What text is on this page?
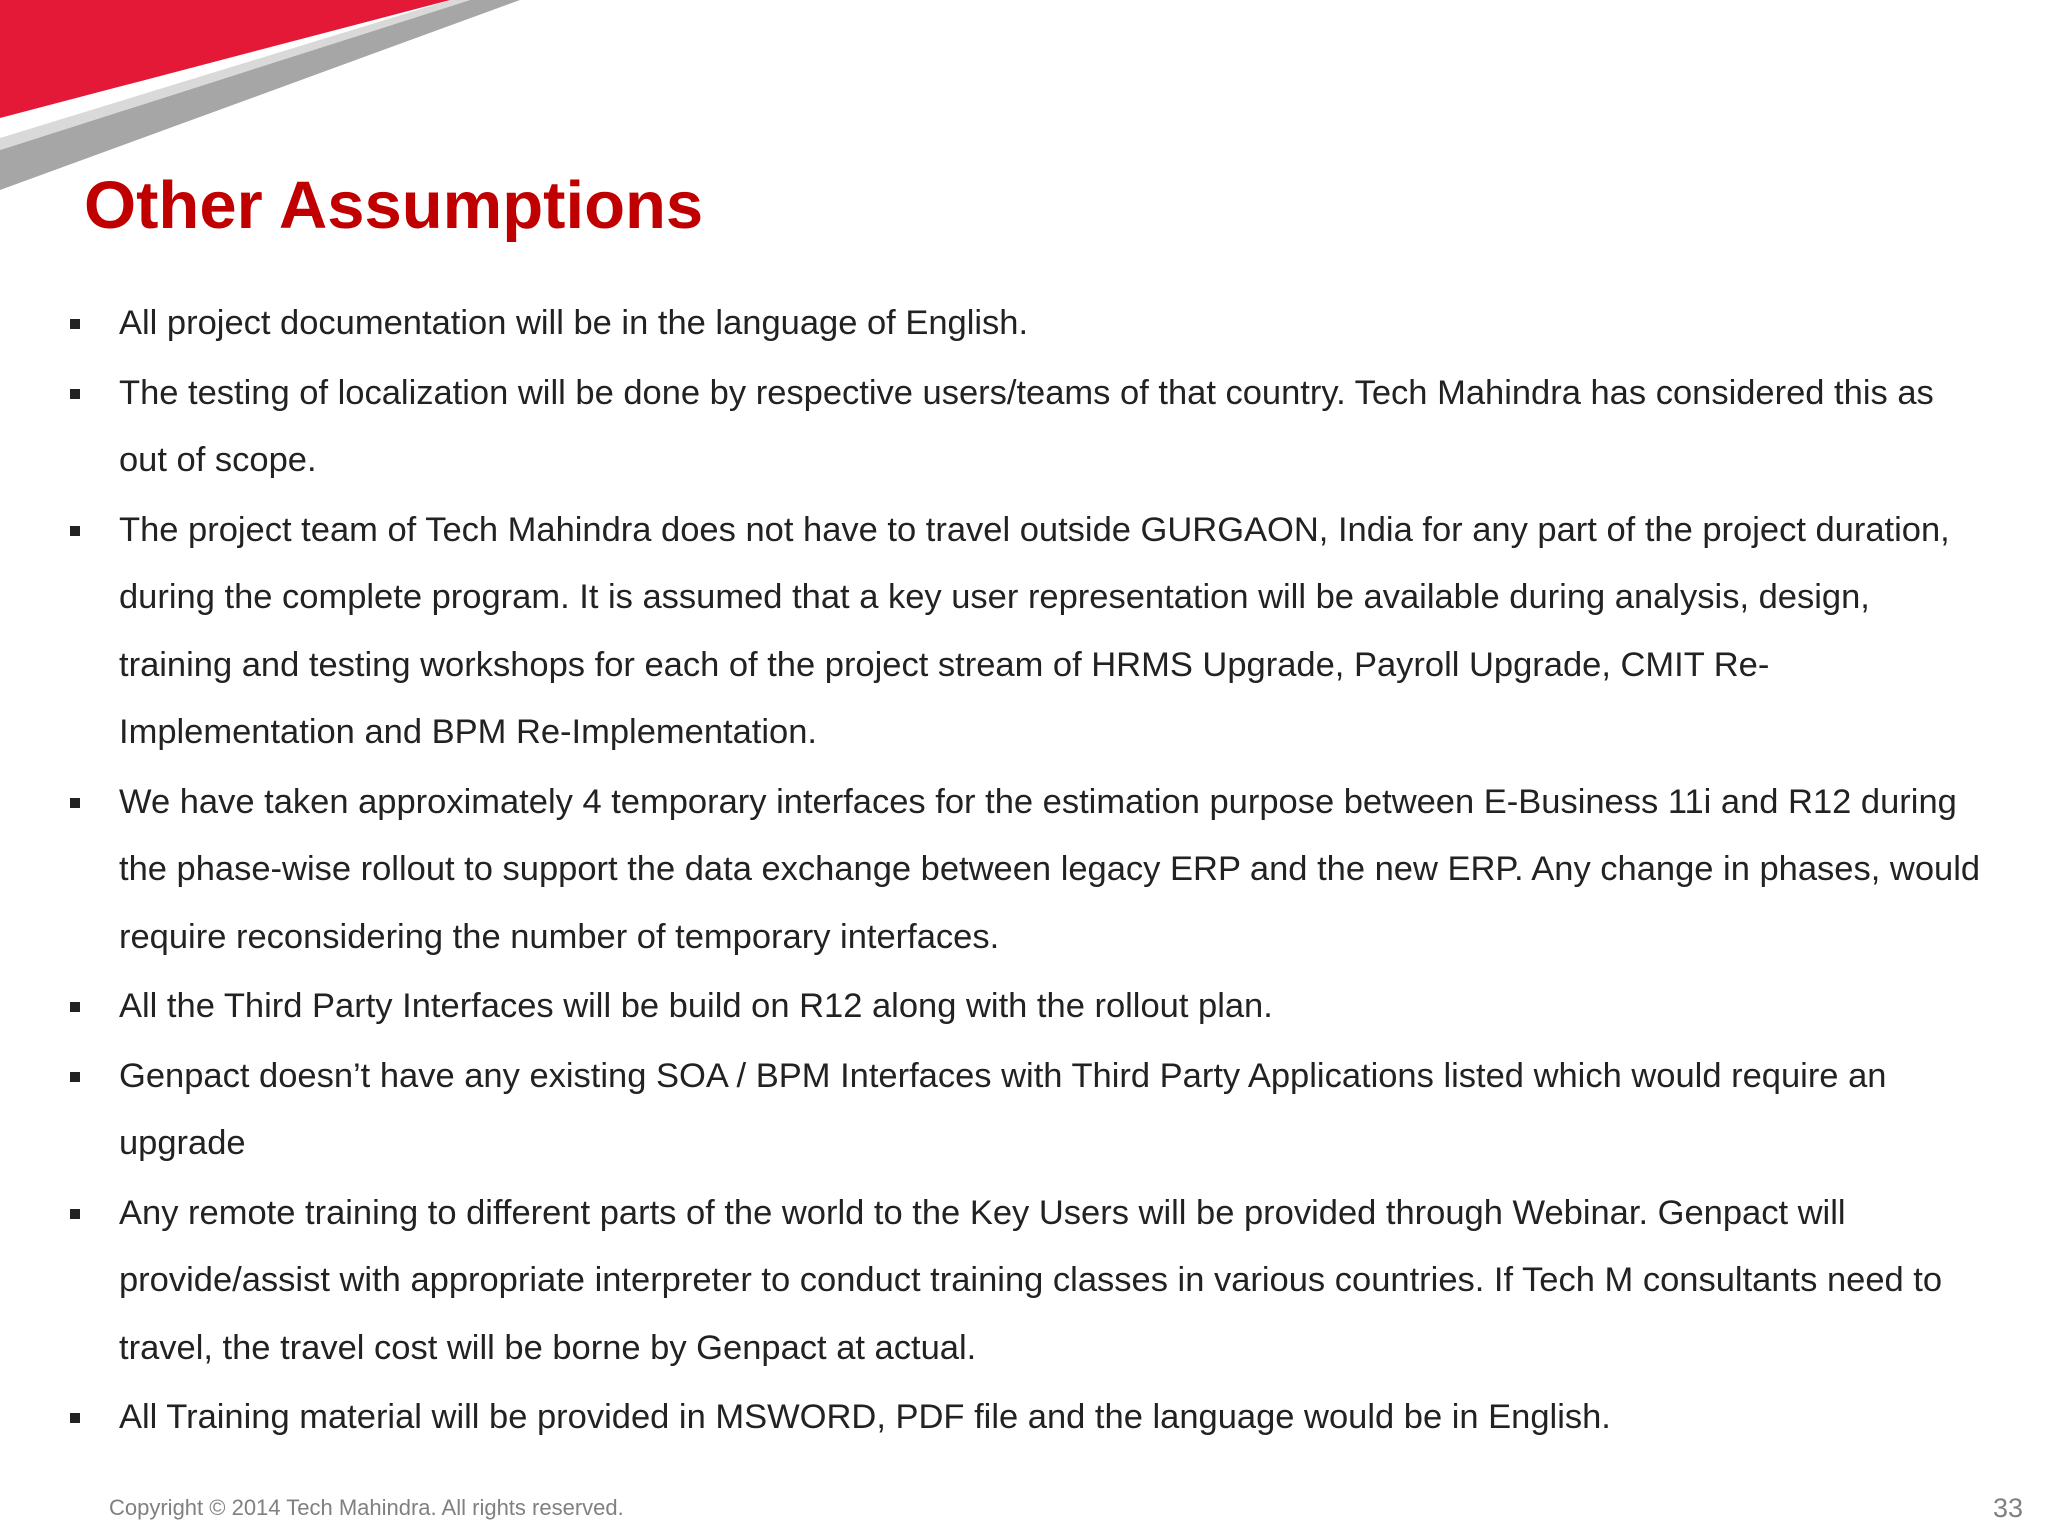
Other Assumptions
All project documentation will be in the language of English.
The testing of localization will be done by respective users/teams of that country. Tech Mahindra has considered this as out of scope.
The project team of Tech Mahindra does not have to travel outside GURGAON, India for any part of the project duration, during the complete program. It is assumed that a key user representation will be available during analysis, design, training and testing workshops for each of the project stream of HRMS Upgrade, Payroll Upgrade, CMIT Re-Implementation and BPM Re-Implementation.
We have taken approximately 4 temporary interfaces for the estimation purpose between E-Business 11i and R12 during the phase-wise rollout to support the data exchange between legacy ERP and the new ERP. Any change in phases, would require reconsidering the number of temporary interfaces.
All the Third Party Interfaces will be build on R12 along with the rollout plan.
Genpact doesn’t have any existing SOA / BPM Interfaces with Third Party Applications listed which would require an upgrade
Any remote training to different parts of the world to the Key Users will be provided through Webinar. Genpact will provide/assist with appropriate interpreter to conduct training classes in various countries. If Tech M consultants need to travel, the travel cost will be borne by Genpact at actual.
All Training material will be provided in MSWORD, PDF file and the language would be in English.
Copyright © 2014 Tech Mahindra. All rights reserved.	33
